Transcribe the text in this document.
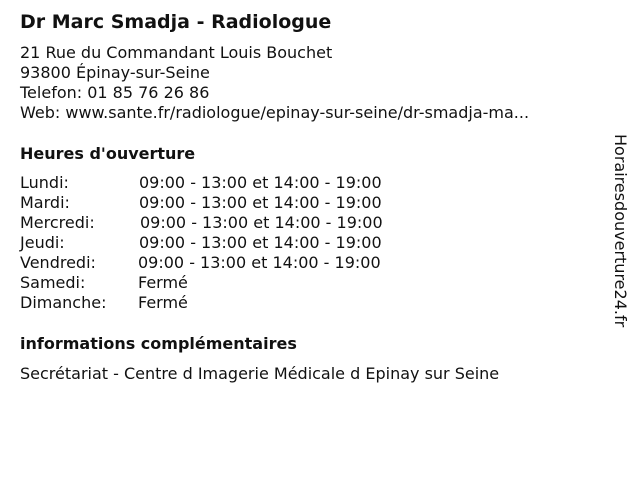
Dr Marc Smadja - Radiologue
21 Rue du Commandant Louis Bouchet
93800 Épinay-sur-Seine
Telefon: 01 85 76 26 86
Web: www.sante.fr/radiologue/epinay-sur-seine/dr-smadja-ma...
Heures d'ouverture
Lundi:	09:00 - 13:00 et 14:00 - 19:00
Mardi:	09:00 - 13:00 et 14:00 - 19:00
Mercredi:	09:00 - 13:00 et 14:00 - 19:00
Jeudi:	09:00 - 13:00 et 14:00 - 19:00
Vendredi:	09:00 - 13:00 et 14:00 - 19:00
Samedi:	Fermé
Dimanche: Fermé
informations complémentaires
Secrétariat - Centre d Imagerie Médicale d Epinay sur Seine
Horairesdouverture24.fr
